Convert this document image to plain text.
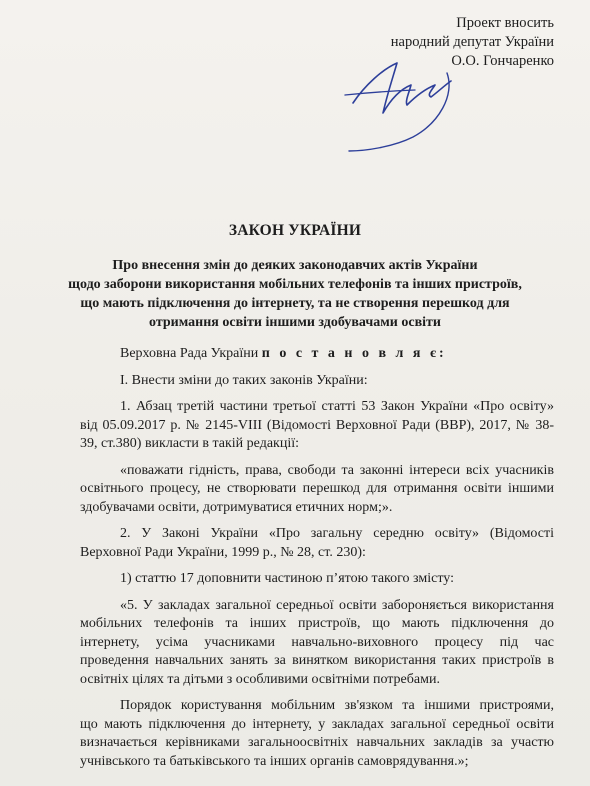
Проект вносить
народний депутат України
О.О. Гончаренко
ЗАКОН УКРАЇНИ
Про внесення змін до деяких законодавчих актів України
щодо заборони використання мобільних телефонів та інших пристроїв,
що мають підключення до інтернету, та не створення перешкод для
отримання освіти іншими здобувачами освіти

Верховна Рада України п о с т а н о в л я є:

І. Внести зміни до таких законів України:

1. Абзац третій частини третьої статті 53 Закон України «Про освіту»
від 05.09.2017 р. № 2145-VIII (Відомості Верховної Ради (ВВР), 2017, № 38-
39, ст.380) викласти в такій редакції:

«поважати гідність, права, свободи та законні інтереси всіх учасників
освітнього процесу, не створювати перешкод для отримання освіти іншими
здобувачами освіти, дотримуватися етичних норм;».

2. У Законі України «Про загальну середню освіту» (Відомості
Верховної Ради України, 1999 р., № 28, ст. 230):

1) статтю 17 доповнити частиною п’ятою такого змісту:

«5. У закладах загальної середньої освіти забороняється використання
мобільних телефонів та інших пристроїв, що мають підключення до
інтернету, усіма учасниками навчально-виховного процесу під час
проведення навчальних занять за винятком використання таких пристроїв в
освітніх цілях та дітьми з особливими освітніми потребами.

Порядок користування мобільним зв'язком та іншими пристроями,
що мають підключення до інтернету, у закладах загальної середньої освіти
визначається керівниками загальноосвітніх навчальних закладів за участю
учнівського та батьківського та інших органів самоврядування.»;
